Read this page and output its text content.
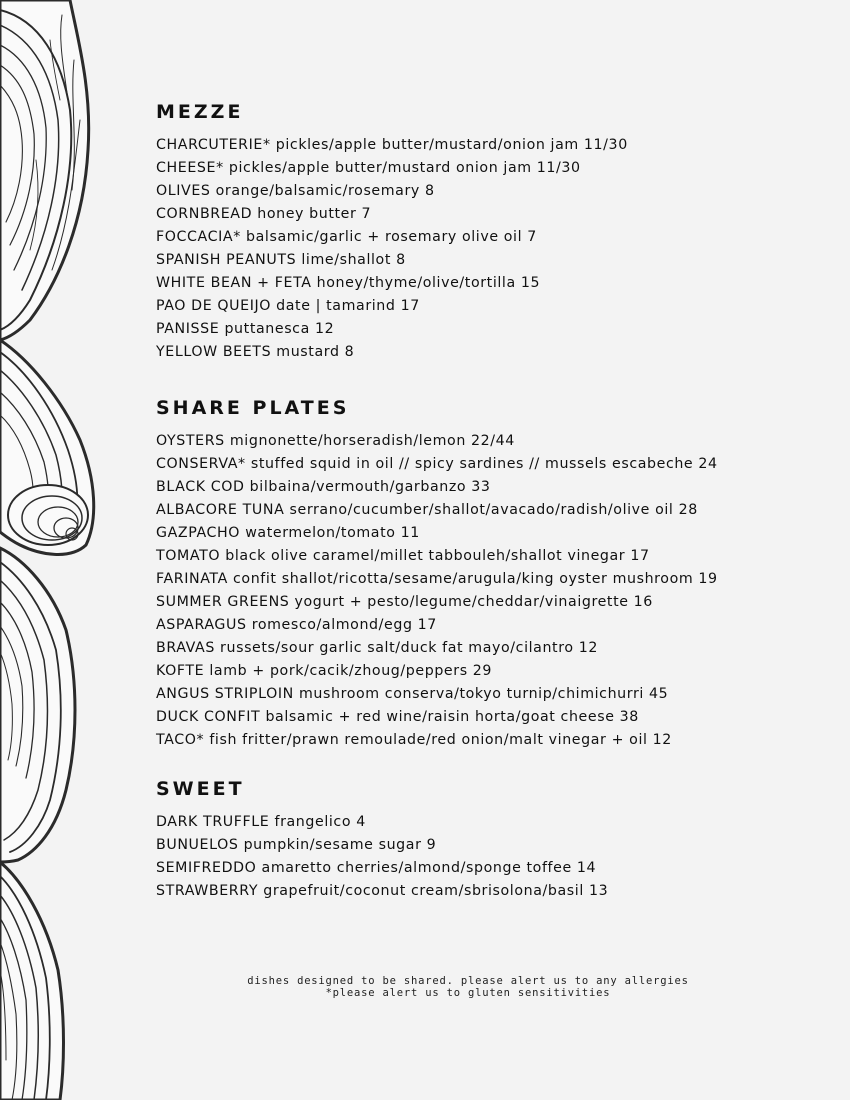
MEZZE
CHARCUTERIE* pickles/apple butter/mustard/onion jam 11/30
CHEESE* pickles/apple butter/mustard onion jam 11/30
OLIVES orange/balsamic/rosemary 8
CORNBREAD honey butter 7
FOCCACIA* balsamic/garlic + rosemary olive oil 7
SPANISH PEANUTS lime/shallot 8
WHITE BEAN + FETA honey/thyme/olive/tortilla 15
PAO DE QUEIJO date | tamarind 17
PANISSE puttanesca 12
YELLOW BEETS mustard 8
SHARE PLATES
OYSTERS mignonette/horseradish/lemon 22/44
CONSERVA* stuffed squid in oil // spicy sardines // mussels escabeche 24
BLACK COD bilbaina/vermouth/garbanzo 33
ALBACORE TUNA serrano/cucumber/shallot/avacado/radish/olive oil 28
GAZPACHO watermelon/tomato 11
TOMATO black olive caramel/millet tabbouleh/shallot vinegar 17
FARINATA confit shallot/ricotta/sesame/arugula/king oyster mushroom 19
SUMMER GREENS yogurt + pesto/legume/cheddar/vinaigrette 16
ASPARAGUS romesco/almond/egg 17
BRAVAS russets/sour garlic salt/duck fat mayo/cilantro 12
KOFTE lamb + pork/cacik/zhoug/peppers 29
ANGUS STRIPLOIN mushroom conserva/tokyo turnip/chimichurri 45
DUCK CONFIT balsamic + red wine/raisin horta/goat cheese 38
TACO* fish fritter/prawn remoulade/red onion/malt vinegar + oil 12
SWEET
DARK TRUFFLE frangelico 4
BUNUELOS pumpkin/sesame sugar 9
SEMIFREDDO amaretto cherries/almond/sponge toffee 14
STRAWBERRY grapefruit/coconut cream/sbrisolona/basil 13
dishes designed to be shared. please alert us to any allergies
*please alert us to gluten sensitivities
